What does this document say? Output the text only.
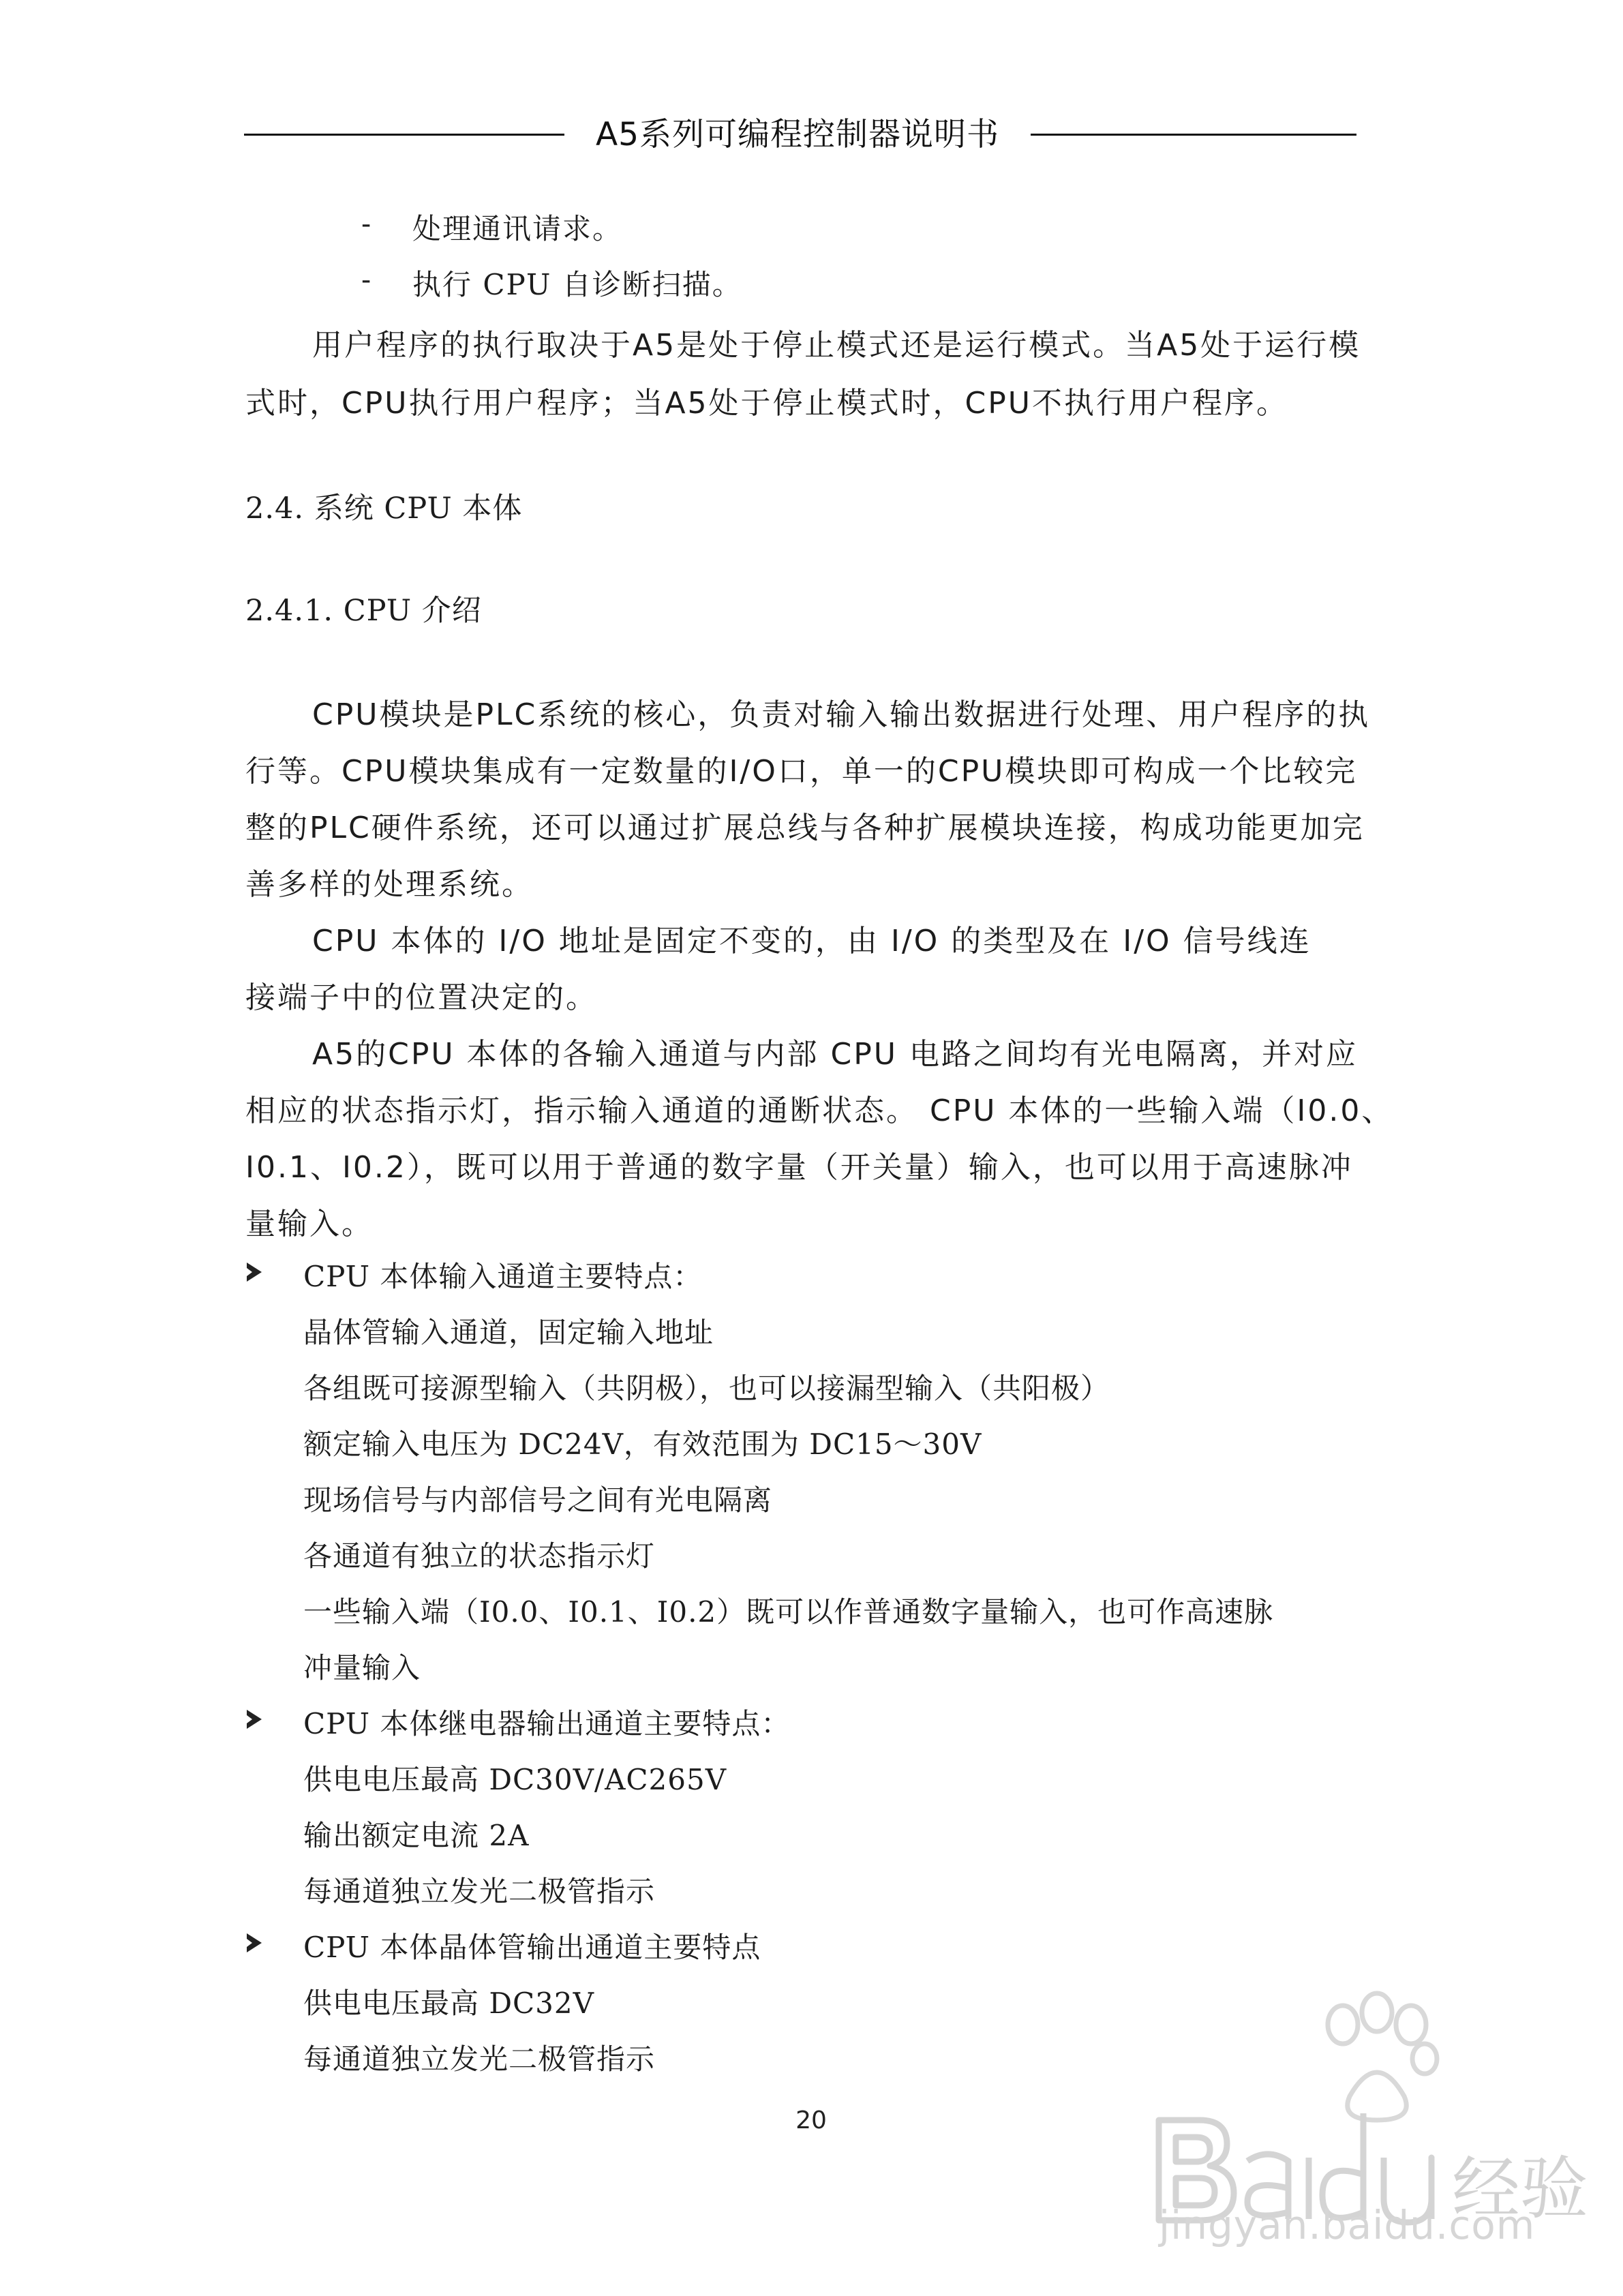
A5系列可编程控制器说明书
- 处理通讯请求。
- 执行 CPU 自诊断扫描。
用户程序的执行取决于A5是处于停止模式还是运行模式。当A5处于运行模
式时，CPU执行用户程序；当A5处于停止模式时，CPU不执行用户程序。
2.4. 系统 CPU 本体
2.4.1. CPU 介绍
CPU模块是PLC系统的核心，负责对输入输出数据进行处理、用户程序的执
行等。CPU模块集成有一定数量的I/O口，单一的CPU模块即可构成一个比较完
整的PLC硬件系统，还可以通过扩展总线与各种扩展模块连接，构成功能更加完
善多样的处理系统。
CPU 本体的 I/O 地址是固定不变的，由 I/O 的类型及在 I/O 信号线连
接端子中的位置决定的。
A5的CPU 本体的各输入通道与内部 CPU 电路之间均有光电隔离，并对应
相应的状态指示灯，指示输入通道的通断状态。 CPU 本体的一些输入端（I0.0、
I0.1、I0.2），既可以用于普通的数字量（开关量）输入，也可以用于高速脉冲
量输入。
CPU 本体输入通道主要特点：
晶体管输入通道，固定输入地址
各组既可接源型输入（共阴极），也可以接漏型输入（共阳极）
额定输入电压为 DC24V，有效范围为 DC15～30V
现场信号与内部信号之间有光电隔离
各通道有独立的状态指示灯
一些输入端（I0.0、I0.1、I0.2）既可以作普通数字量输入，也可作高速脉
冲量输入
CPU 本体继电器输出通道主要特点：
供电电压最高 DC30V/AC265V
输出额定电流 2A
每通道独立发光二极管指示
CPU 本体晶体管输出通道主要特点
供电电压最高 DC32V
每通道独立发光二极管指示
20
经验
jingyan.baidu.com
